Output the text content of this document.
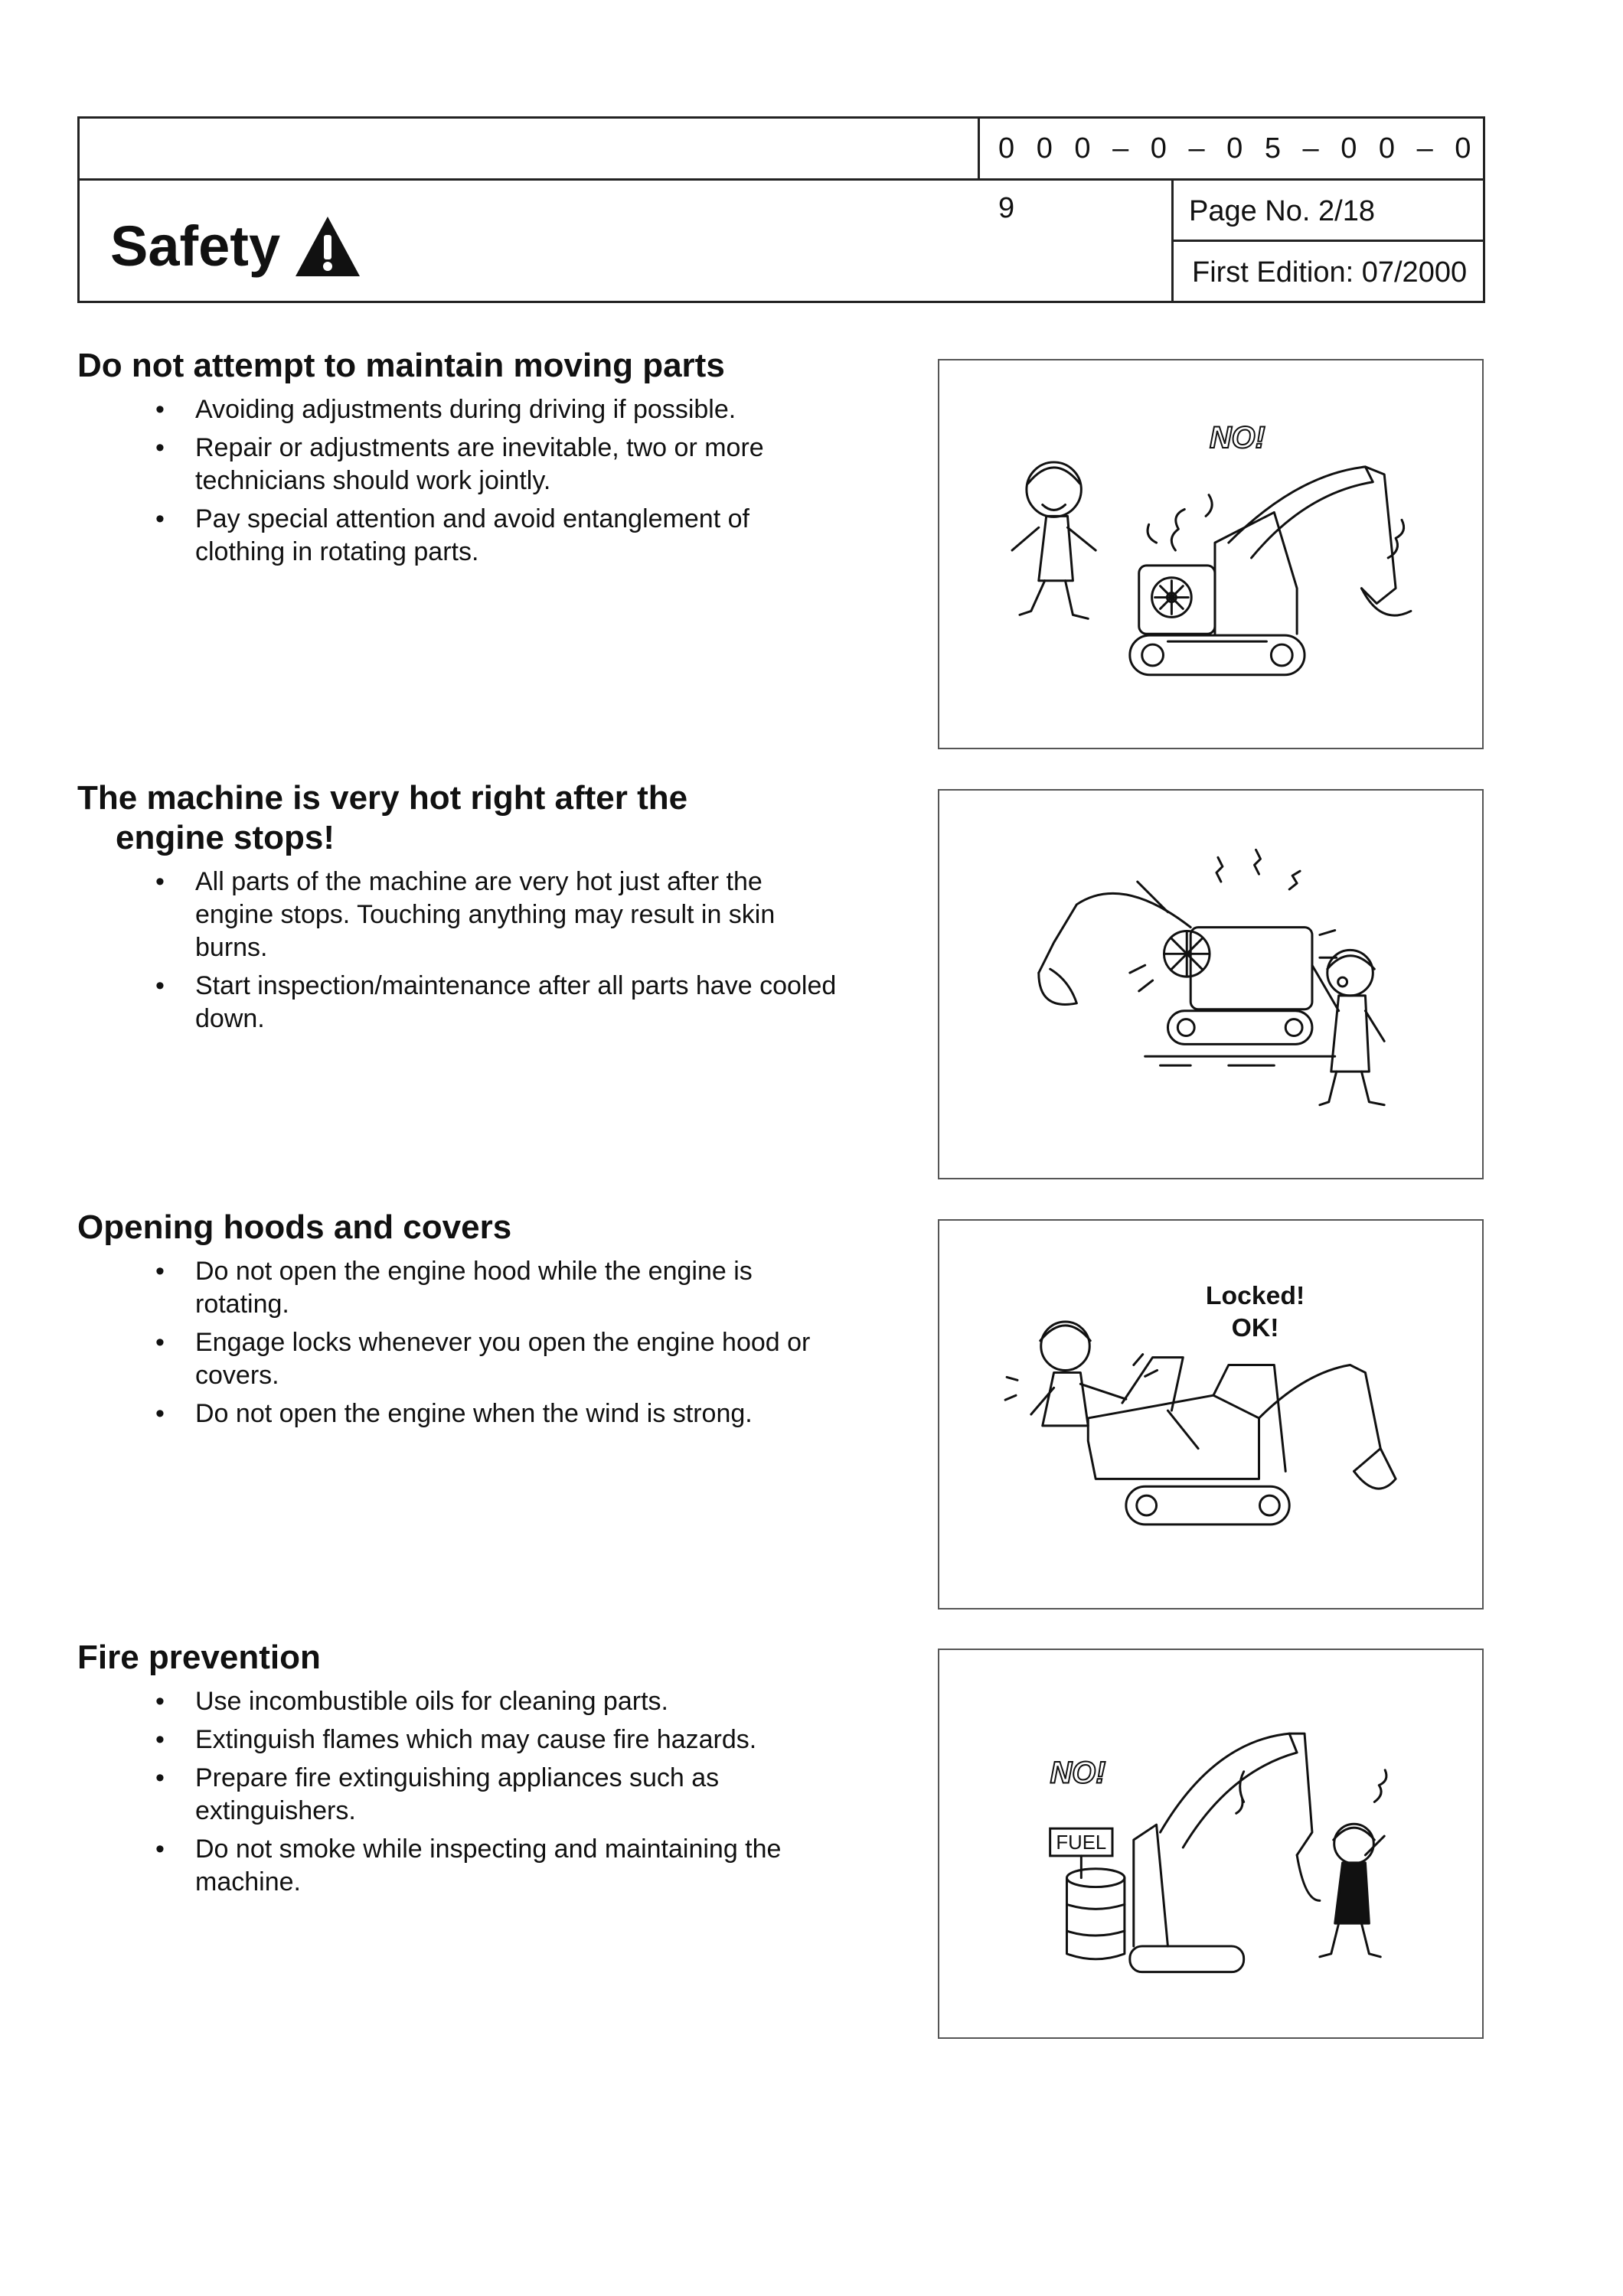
0 0 0 – 0 – 0 5 – 0 0 – 0 9	Page No. 2/18
First Edition: 07/2000
Safety
Do not attempt to maintain moving parts
• Avoiding adjustments during driving if possible.
• Repair or adjustments are inevitable, two or more technicians should work jointly.
• Pay special attention and avoid entanglement of clothing in rotating parts.
NO!
The machine is very hot right after the
engine stops!
• All parts of the machine are very hot just after the engine stops. Touching anything may result in skin burns.
• Start inspection/maintenance after all parts have cooled down.
Opening hoods and covers
• Do not open the engine hood while the engine is rotating.
• Engage locks whenever you open the engine hood or covers.
• Do not open the engine when the wind is strong.
Locked!
OK!
Fire prevention
• Use incombustible oils for cleaning parts.
• Extinguish flames which may cause fire hazards.
• Prepare fire extinguishing appliances such as extinguishers.
• Do not smoke while inspecting and maintaining the machine.
NO!
FUEL
